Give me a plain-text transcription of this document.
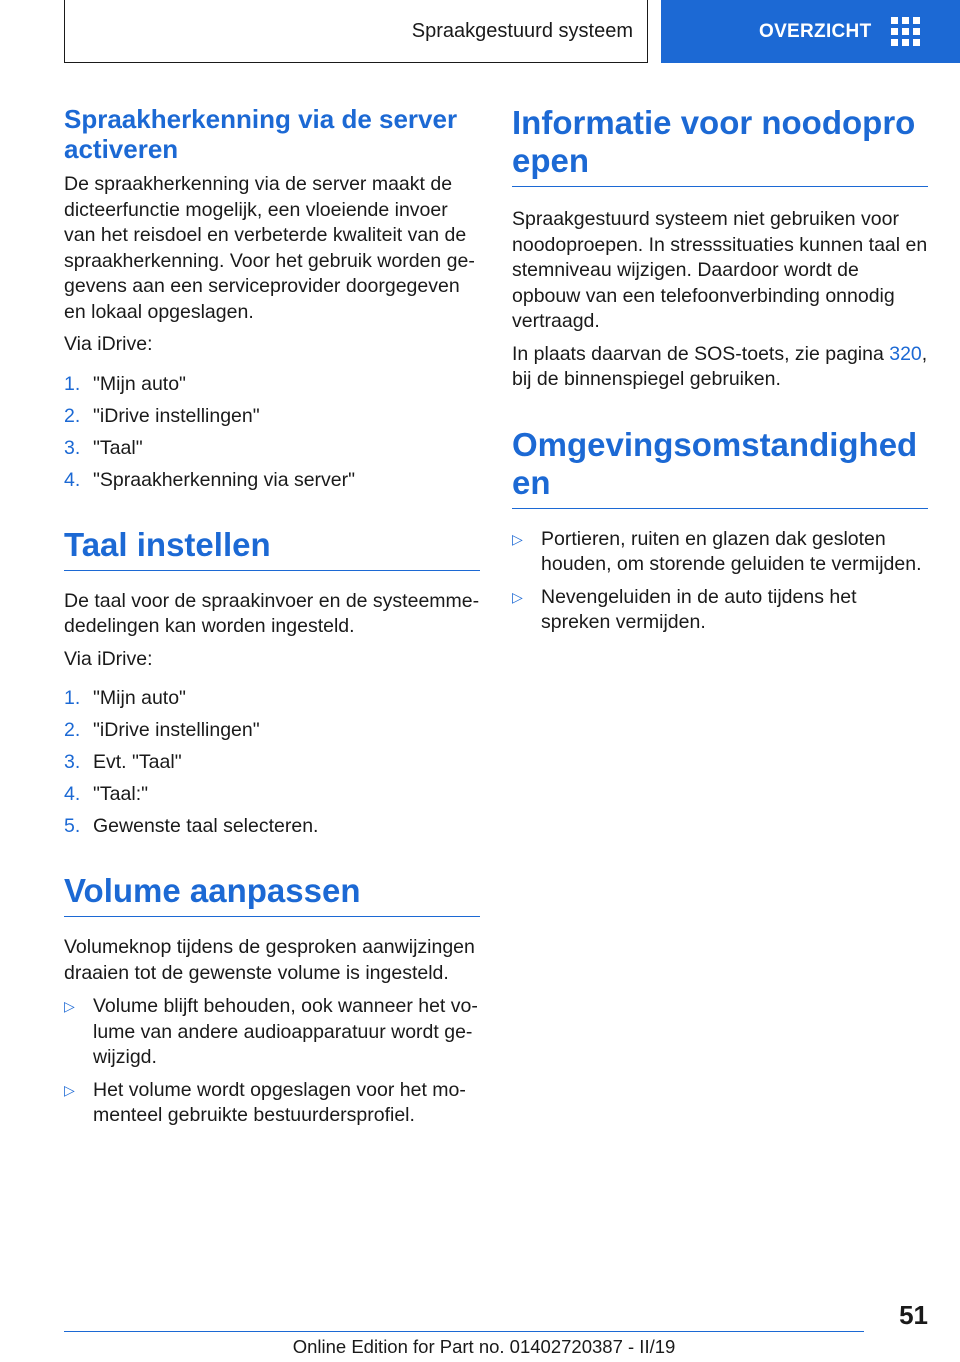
Spraakgestuurd systeem	OVERZICHT
Spraakherkenning via de server activeren

De spraakherkenning via de server maakt de dicteerfunctie mogelijk, een vloeiende invoer van het reisdoel en verbeterde kwaliteit van de spraakherkenning. Voor het gebruik worden gegevens aan een serviceprovider doorgegeven en lokaal opgeslagen.

Via iDrive:

1. "Mijn auto"
2. "iDrive instellingen"
3. "Taal"
4. "Spraakherkenning via server"
Taal instellen

De taal voor de spraakinvoer en de systeemmededelingen kan worden ingesteld.

Via iDrive:

1. "Mijn auto"
2. "iDrive instellingen"
3. Evt. "Taal"
4. "Taal:"
5. Gewenste taal selecteren.
Volume aanpassen

Volumeknop tijdens de gesproken aanwijzingen draaien tot de gewenste volume is ingesteld.

▷ Volume blijft behouden, ook wanneer het volume van andere audioapparatuur wordt gewijzigd.
▷ Het volume wordt opgeslagen voor het momenteel gebruikte bestuurdersprofiel.
Informatie voor noodoproepen

Spraakgestuurd systeem niet gebruiken voor noodoproepen. In stresssituaties kunnen taal en stemniveau wijzigen. Daardoor wordt de opbouw van een telefoonverbinding onnodig vertraagd.

In plaats daarvan de SOS-toets, zie pagina 320, bij de binnenspiegel gebruiken.

Omgevingsomstandigheden
▷ Portieren, ruiten en glazen dak gesloten houden, om storende geluiden te vermijden.
▷ Nevengeluiden in de auto tijdens het spreken vermijden.
51
Online Edition for Part no. 01402720387 - II/19
